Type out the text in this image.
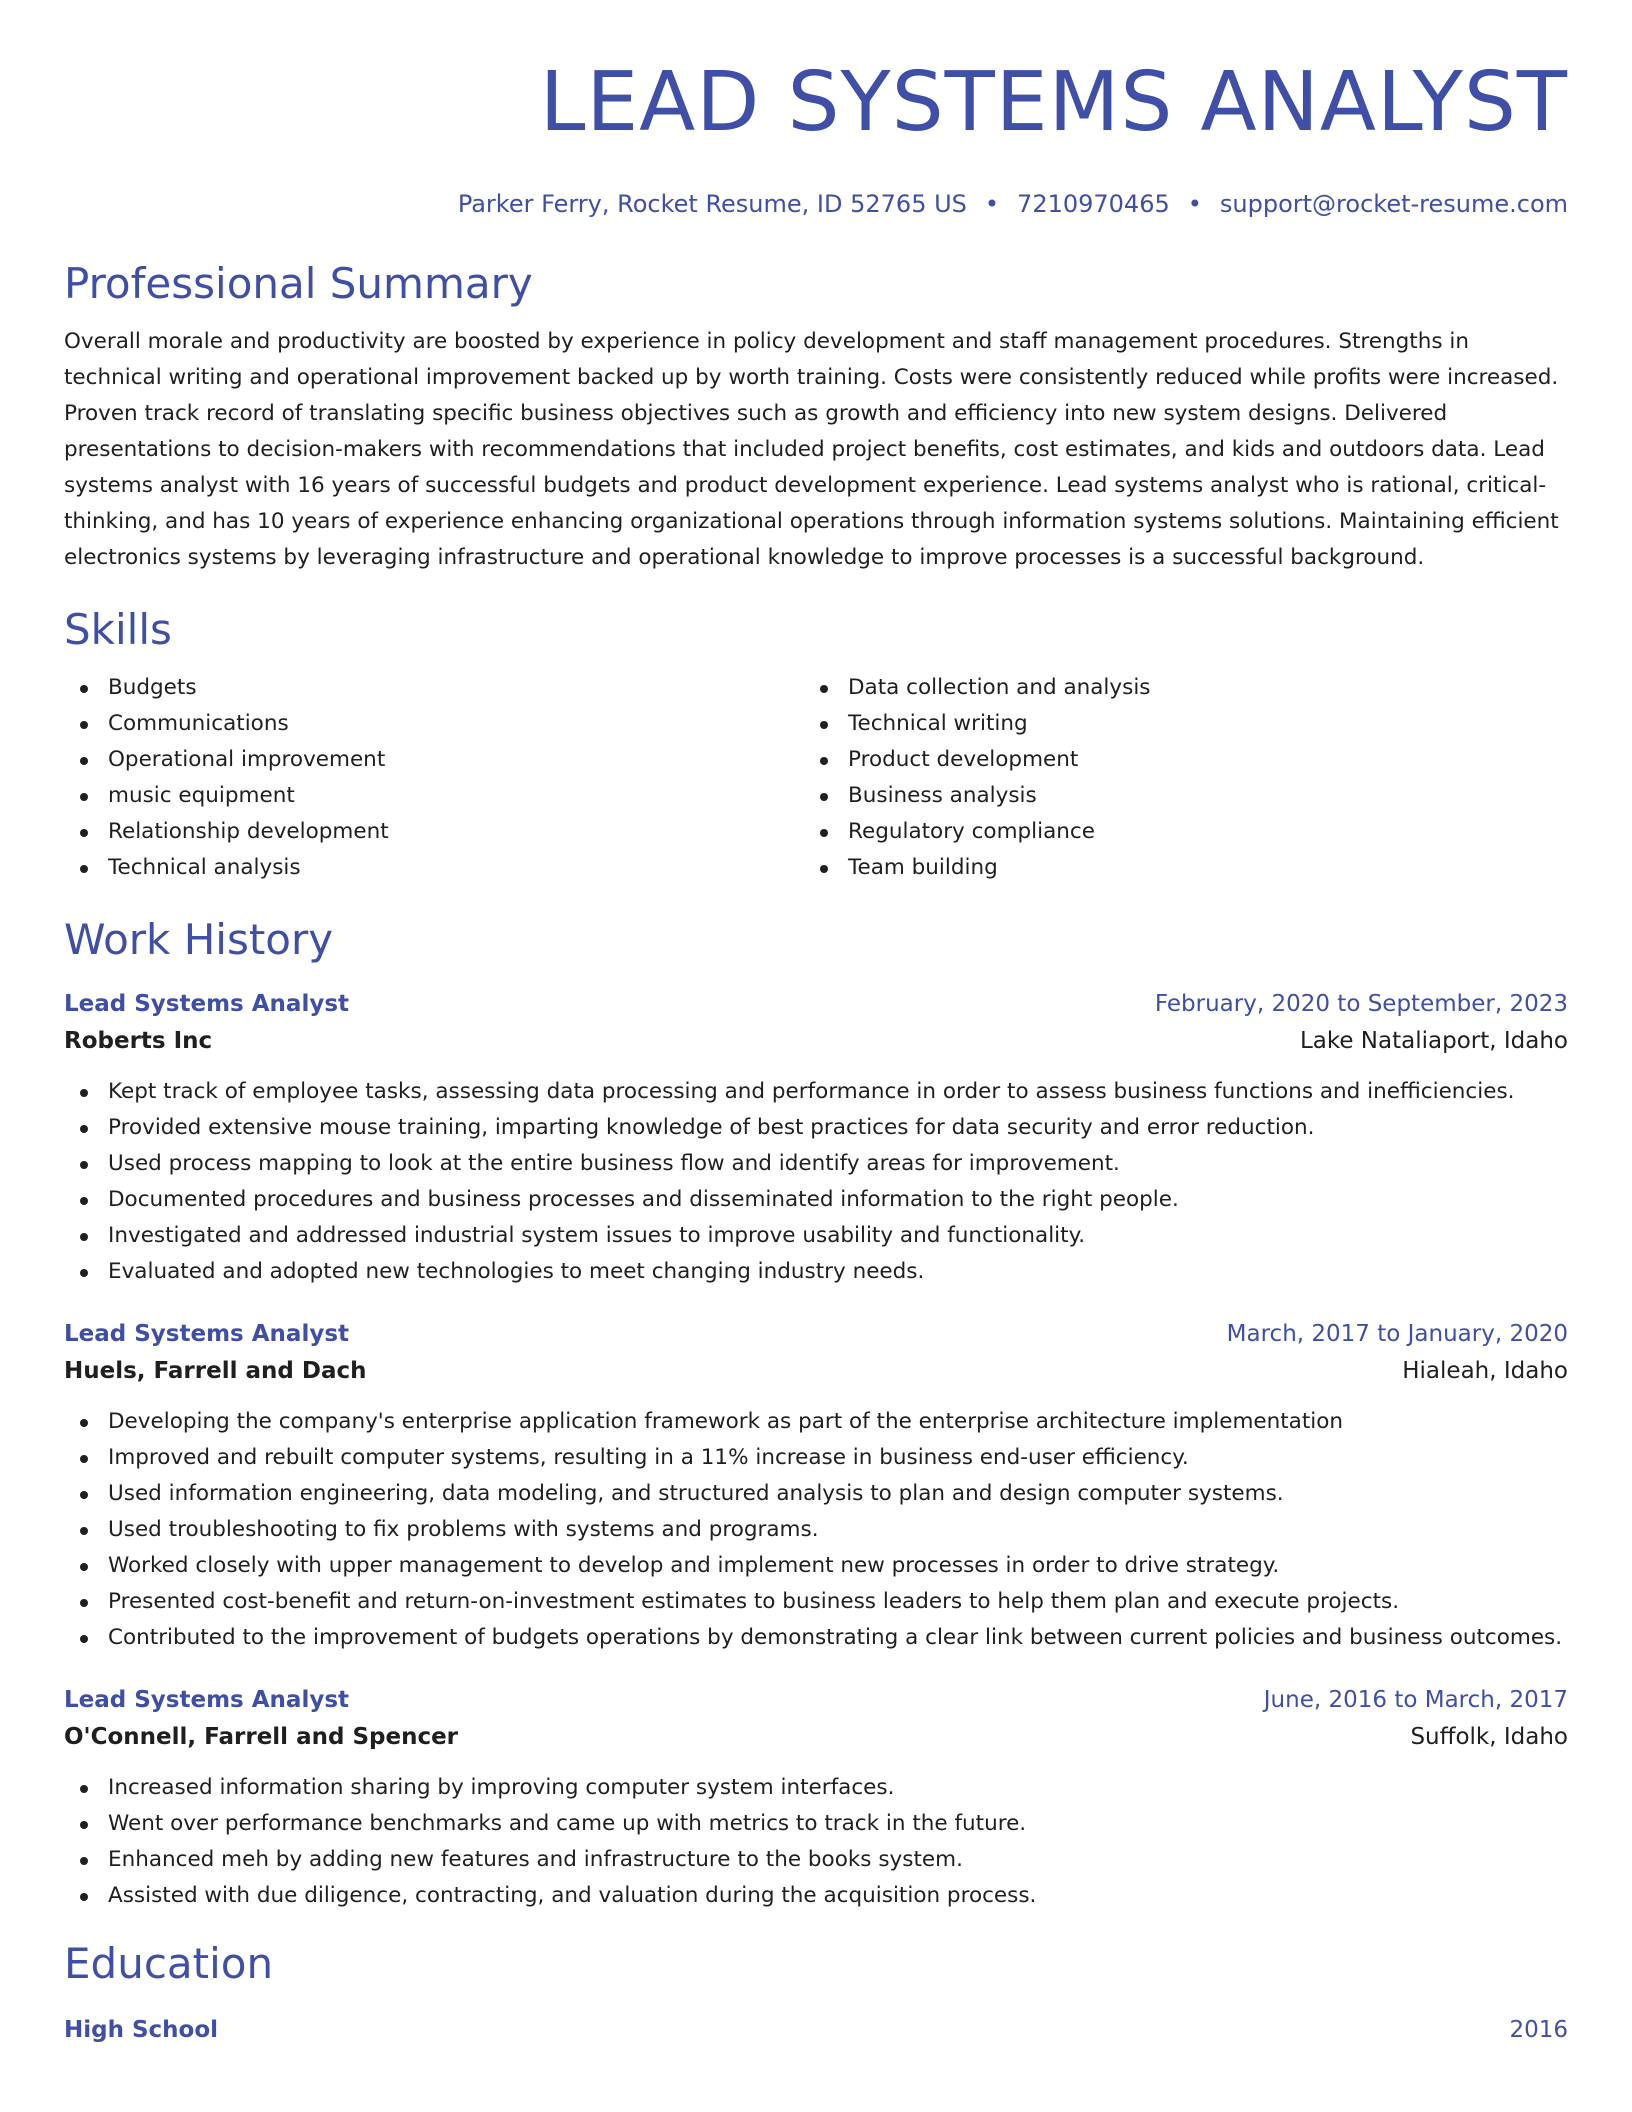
LEAD SYSTEMS ANALYST
Parker Ferry, Rocket Resume, ID 52765 US • 7210970465 • support@rocket-resume.com
Professional Summary
Overall morale and productivity are boosted by experience in policy development and staff management procedures. Strengths in technical writing and operational improvement backed up by worth training. Costs were consistently reduced while profits were increased. Proven track record of translating specific business objectives such as growth and efficiency into new system designs. Delivered presentations to decision-makers with recommendations that included project benefits, cost estimates, and kids and outdoors data. Lead systems analyst with 16 years of successful budgets and product development experience. Lead systems analyst who is rational, critical-thinking, and has 10 years of experience enhancing organizational operations through information systems solutions. Maintaining efficient electronics systems by leveraging infrastructure and operational knowledge to improve processes is a successful background.
Skills
Budgets
Communications
Operational improvement
music equipment
Relationship development
Technical analysis
Data collection and analysis
Technical writing
Product development
Business analysis
Regulatory compliance
Team building
Work History
Lead Systems Analyst	February, 2020 to September, 2023
Roberts Inc	Lake Nataliaport, Idaho
Kept track of employee tasks, assessing data processing and performance in order to assess business functions and inefficiencies.
Provided extensive mouse training, imparting knowledge of best practices for data security and error reduction.
Used process mapping to look at the entire business flow and identify areas for improvement.
Documented procedures and business processes and disseminated information to the right people.
Investigated and addressed industrial system issues to improve usability and functionality.
Evaluated and adopted new technologies to meet changing industry needs.
Lead Systems Analyst	March, 2017 to January, 2020
Huels, Farrell and Dach	Hialeah, Idaho
Developing the company's enterprise application framework as part of the enterprise architecture implementation
Improved and rebuilt computer systems, resulting in a 11% increase in business end-user efficiency.
Used information engineering, data modeling, and structured analysis to plan and design computer systems.
Used troubleshooting to fix problems with systems and programs.
Worked closely with upper management to develop and implement new processes in order to drive strategy.
Presented cost-benefit and return-on-investment estimates to business leaders to help them plan and execute projects.
Contributed to the improvement of budgets operations by demonstrating a clear link between current policies and business outcomes.
Lead Systems Analyst	June, 2016 to March, 2017
O'Connell, Farrell and Spencer	Suffolk, Idaho
Increased information sharing by improving computer system interfaces.
Went over performance benchmarks and came up with metrics to track in the future.
Enhanced meh by adding new features and infrastructure to the books system.
Assisted with due diligence, contracting, and valuation during the acquisition process.
Education
High School	2016
